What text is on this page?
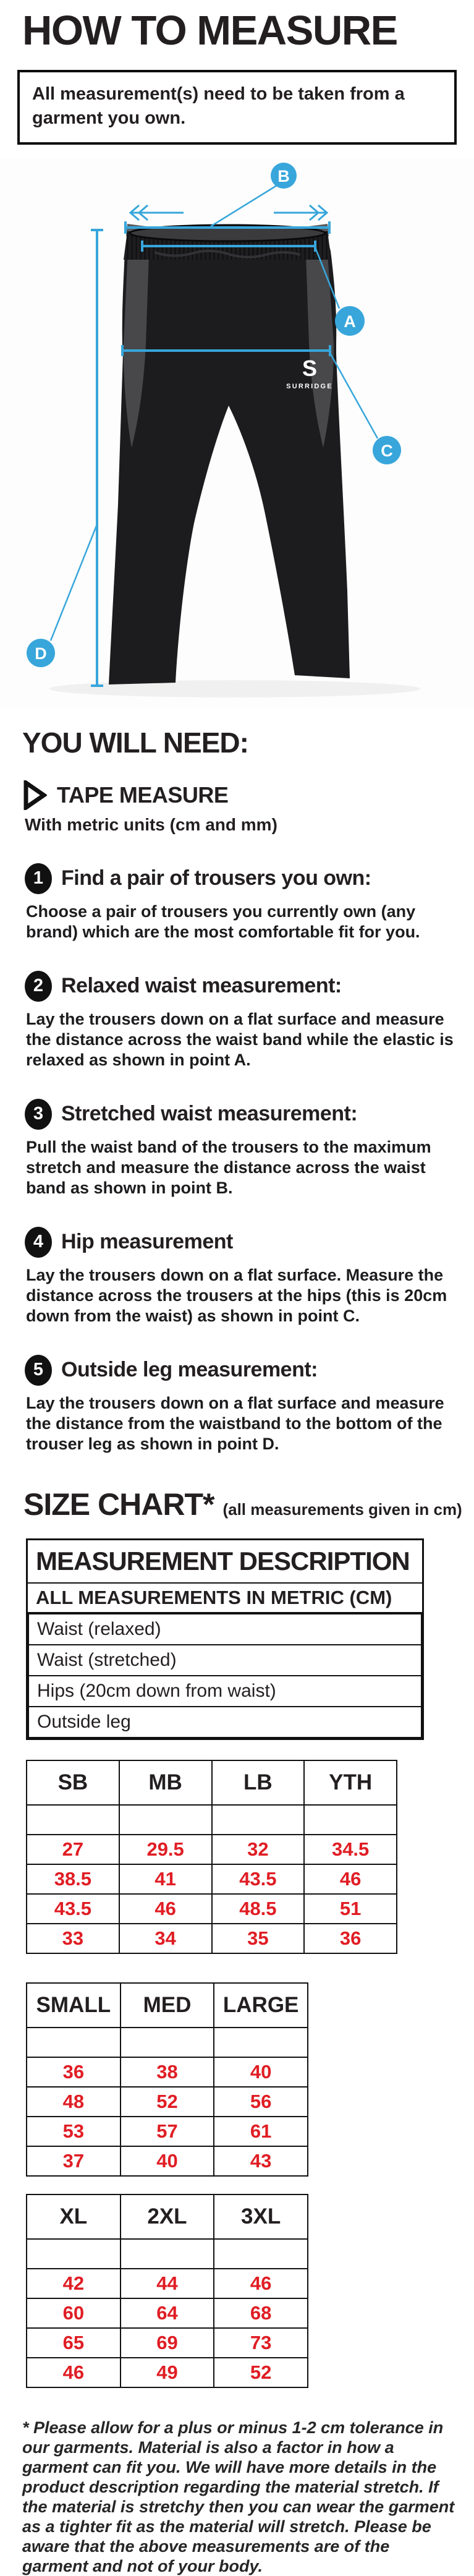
HOW TO MEASURE
All measurement(s) need to be taken from a garment you own.
S
SURRIDGE
B
A
C
D
YOU WILL NEED:
TAPE MEASURE
With metric units (cm and mm)
1 Find a pair of trousers you own:
Choose a pair of trousers you currently own (any brand) which are the most comfortable fit for you.
2 Relaxed waist measurement:
Lay the trousers down on a flat surface and measure the distance across the waist band while the elastic is relaxed as shown in point A.
3 Stretched waist measurement:
Pull the waist band of the trousers to the maximum stretch and measure the distance across the waist band as shown in point B.
4 Hip measurement
Lay the trousers down on a flat surface. Measure the distance across the trousers at the hips (this is 20cm down from the waist) as shown in point C.
5 Outside leg measurement:
Lay the trousers down on a flat surface and measure the distance from the waistband to the bottom of the trouser leg as shown in point D.
SIZE CHART* (all measurements given in cm)
MEASUREMENT DESCRIPTION
ALL MEASUREMENTS IN METRIC (CM)
Waist (relaxed)
Waist (stretched)
Hips (20cm down from waist)
Outside leg
SB	MB	LB	YTH

27	29.5	32	34.5
38.5	41	43.5	46
43.5	46	48.5	51
33	34	35	36
SMALL	MED	LARGE

36	38	40
48	52	56
53	57	61
37	40	43
XL	2XL	3XL

42	44	46
60	64	68
65	69	73
46	49	52
* Please allow for a plus or minus 1-2 cm tolerance in our garments. Material is also a factor in how a garment can fit you. We will have more details in the product description regarding the material stretch. If the material is stretchy then you can wear the garment as a tighter fit as the material will stretch. Please be aware that the above measurements are of the garment and not of your body.
